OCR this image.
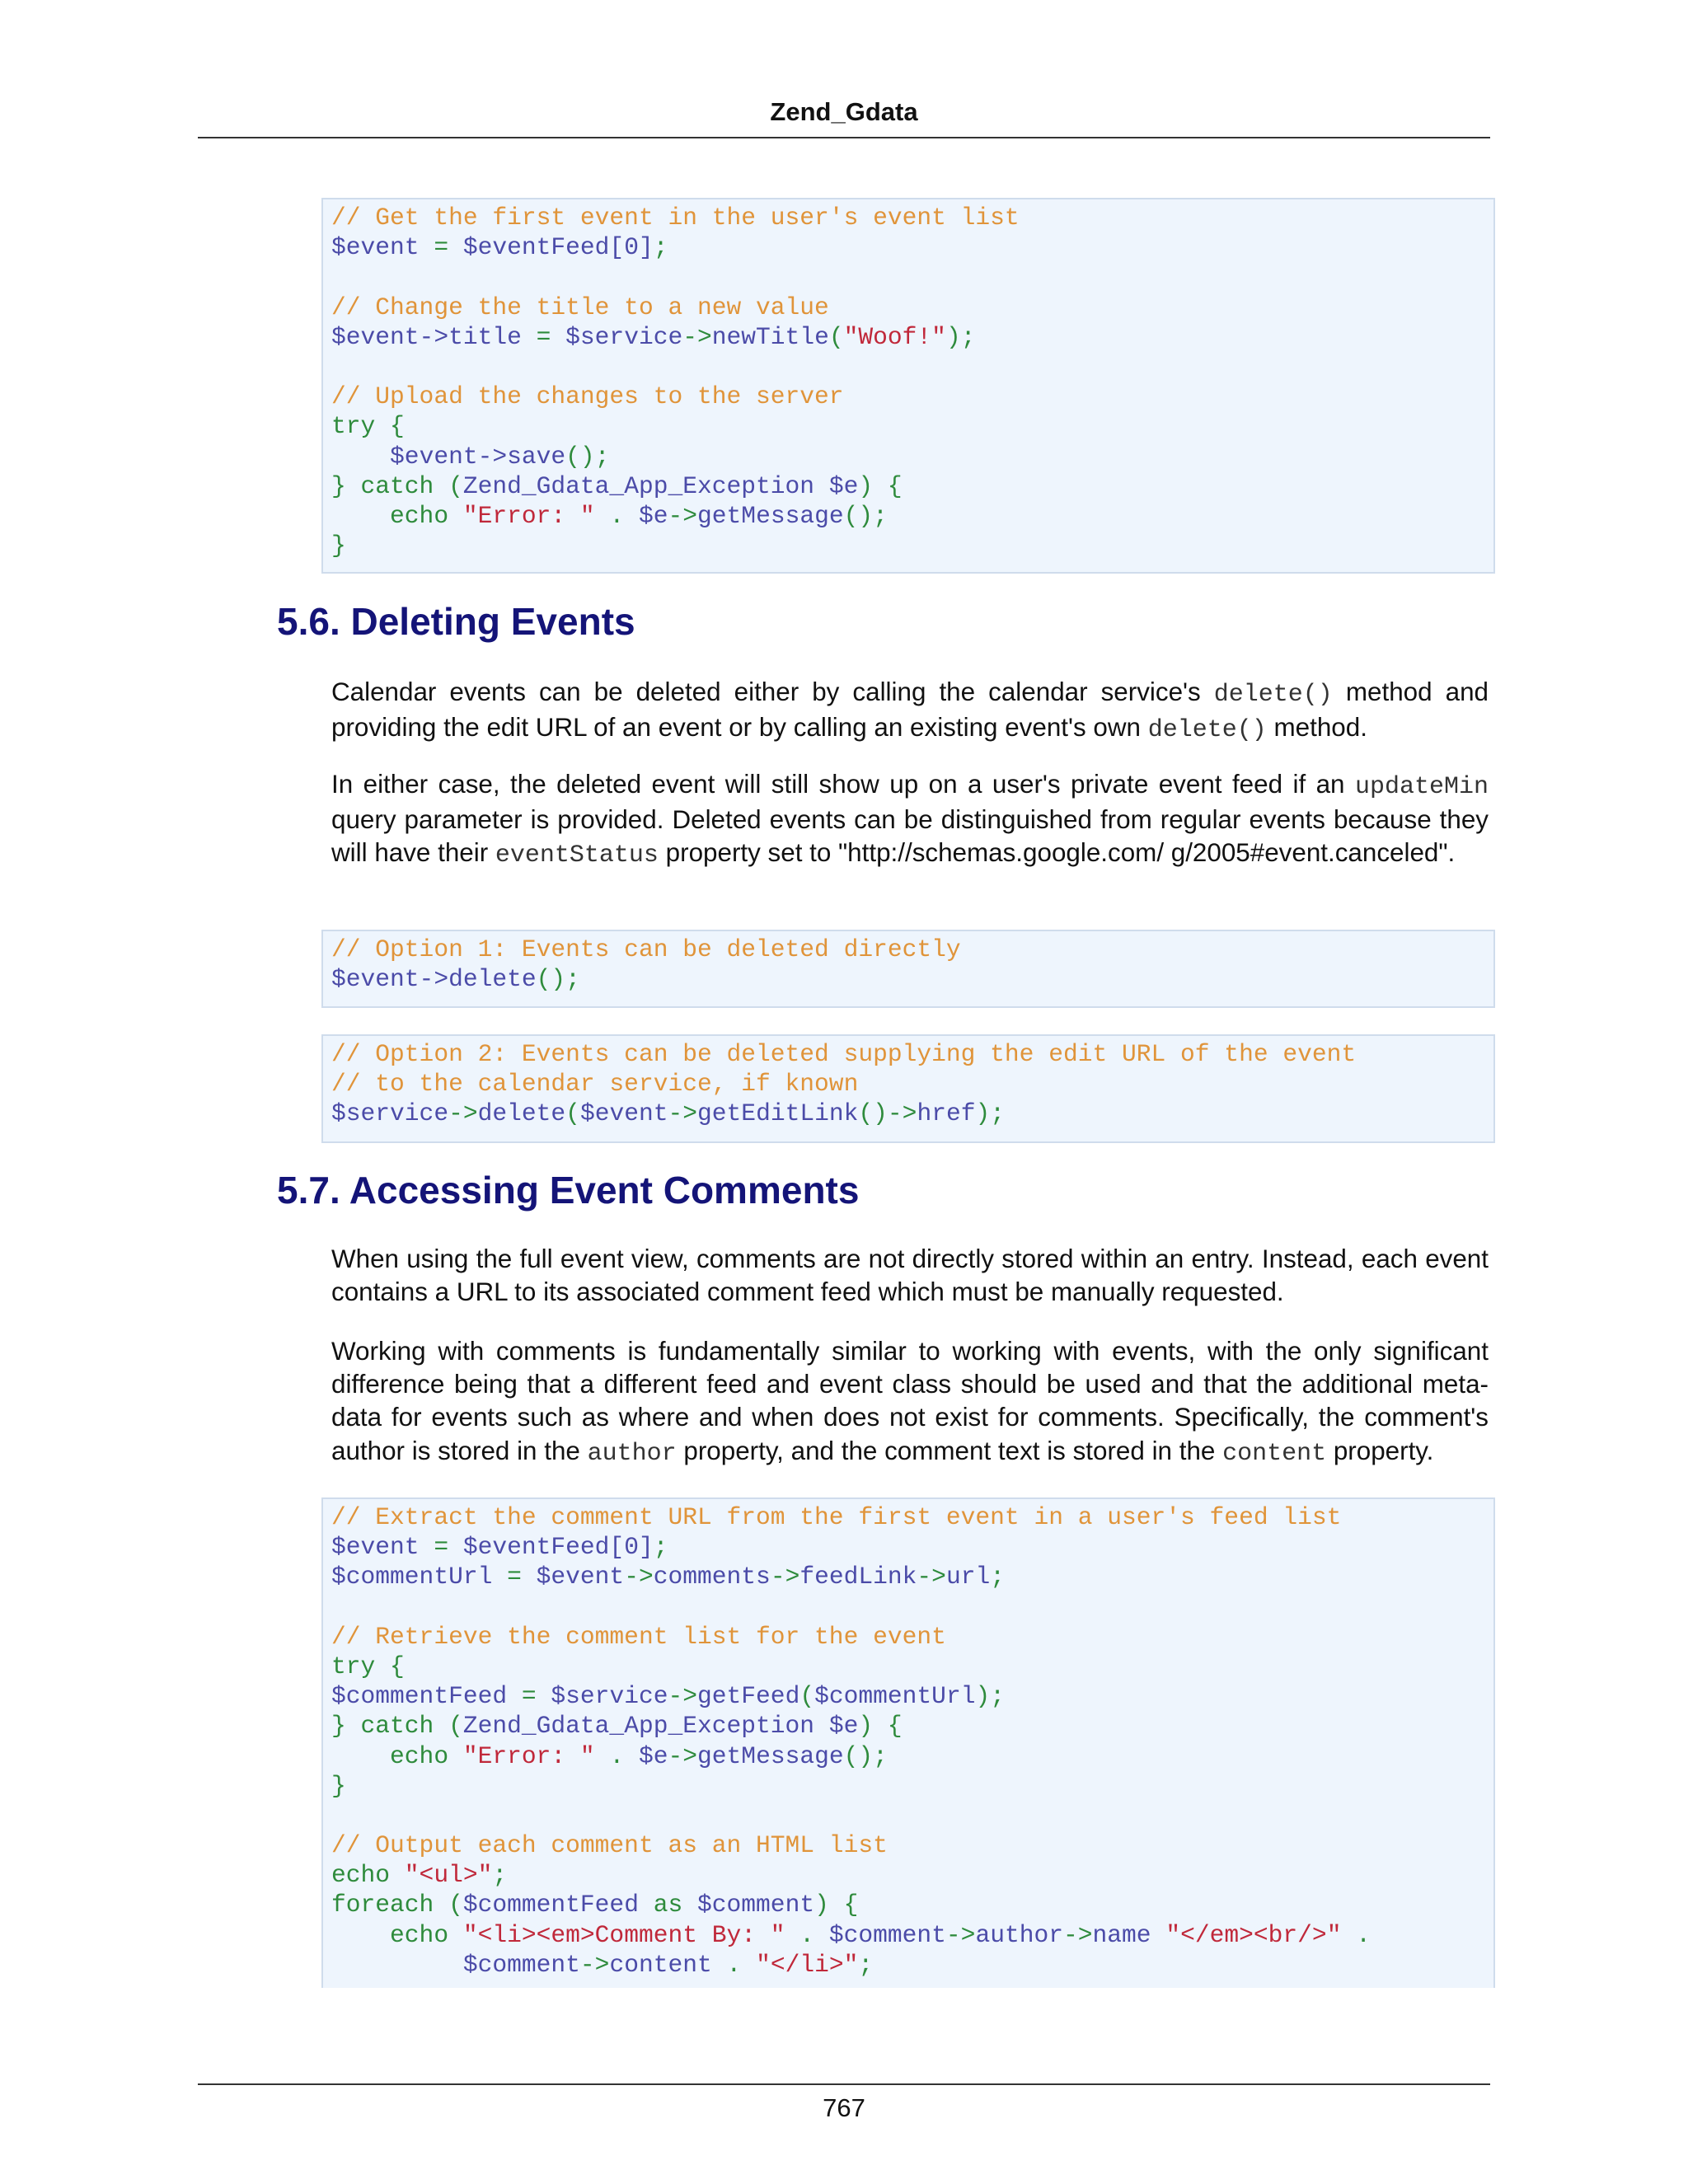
Zend_Gdata
// Get the first event in the user's event list
$event = $eventFeed[0];

// Change the title to a new value
$event->title = $service->newTitle("Woof!");

// Upload the changes to the server
try {
$event->save();
} catch (Zend_Gdata_App_Exception $e) {
echo "Error: " . $e->getMessage();
}
5.6. Deleting Events

Calendar events can be deleted either by calling the calendar service's delete() method and providing the edit URL of an event or by calling an existing event's own delete() method.

In either case, the deleted event will still show up on a user's private event feed if an updateMin query parameter is provided. Deleted events can be distinguished from regular events because they will have their eventStatus property set to "http://schemas.google.com/ g/2005#event.canceled".

// Option 1: Events can be deleted directly
$event->delete();
// Option 2: Events can be deleted supplying the edit URL of the event
// to the calendar service, if known
$service->delete($event->getEditLink()->href);
5.7. Accessing Event Comments

When using the full event view, comments are not directly stored within an entry. Instead, each event contains a URL to its associated comment feed which must be manually requested.

Working with comments is fundamentally similar to working with events, with the only significant difference being that a different feed and event class should be used and that the additional meta-data for events such as where and when does not exist for comments. Specifically, the comment's author is stored in the author property, and the comment text is stored in the content property.

// Extract the comment URL from the first event in a user's feed list
$event = $eventFeed[0];
$commentUrl = $event->comments->feedLink->url;

// Retrieve the comment list for the event
try {
$commentFeed = $service->getFeed($commentUrl);
} catch (Zend_Gdata_App_Exception $e) {
echo "Error: " . $e->getMessage();
}

// Output each comment as an HTML list
echo "<ul>";
foreach ($commentFeed as $comment) {
echo "<li><em>Comment By: " . $comment->author->name "</em><br/>" .
$comment->content . "</li>";
767
